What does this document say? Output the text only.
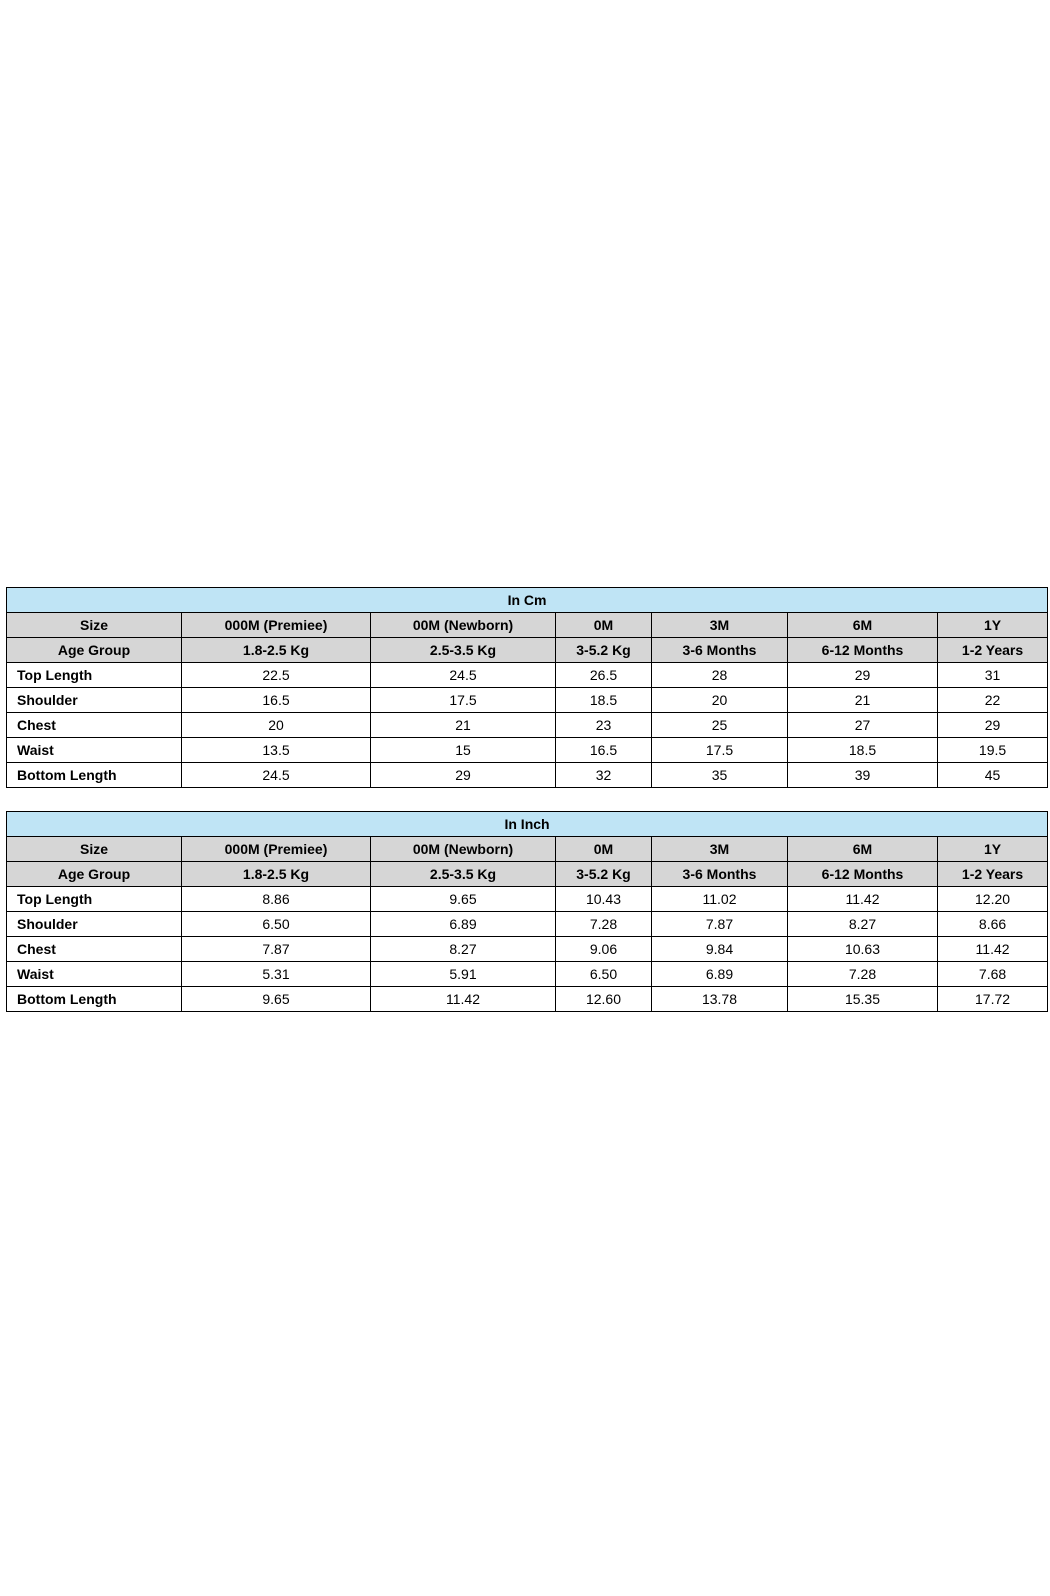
In Cm						
Size	000M (Premiee)	00M (Newborn)	0M	3M	6M	1Y
Age Group	1.8-2.5 Kg	2.5-3.5 Kg	3-5.2 Kg	3-6 Months	6-12 Months	1-2 Years
Top Length	22.5	24.5	26.5	28	29	31
Shoulder	16.5	17.5	18.5	20	21	22
Chest	20	21	23	25	27	29
Waist	13.5	15	16.5	17.5	18.5	19.5
Bottom Length	24.5	29	32	35	39	45
In Inch						
Size	000M (Premiee)	00M (Newborn)	0M	3M	6M	1Y
Age Group	1.8-2.5 Kg	2.5-3.5 Kg	3-5.2 Kg	3-6 Months	6-12 Months	1-2 Years
Top Length	8.86	9.65	10.43	11.02	11.42	12.20
Shoulder	6.50	6.89	7.28	7.87	8.27	8.66
Chest	7.87	8.27	9.06	9.84	10.63	11.42
Waist	5.31	5.91	6.50	6.89	7.28	7.68
Bottom Length	9.65	11.42	12.60	13.78	15.35	17.72
